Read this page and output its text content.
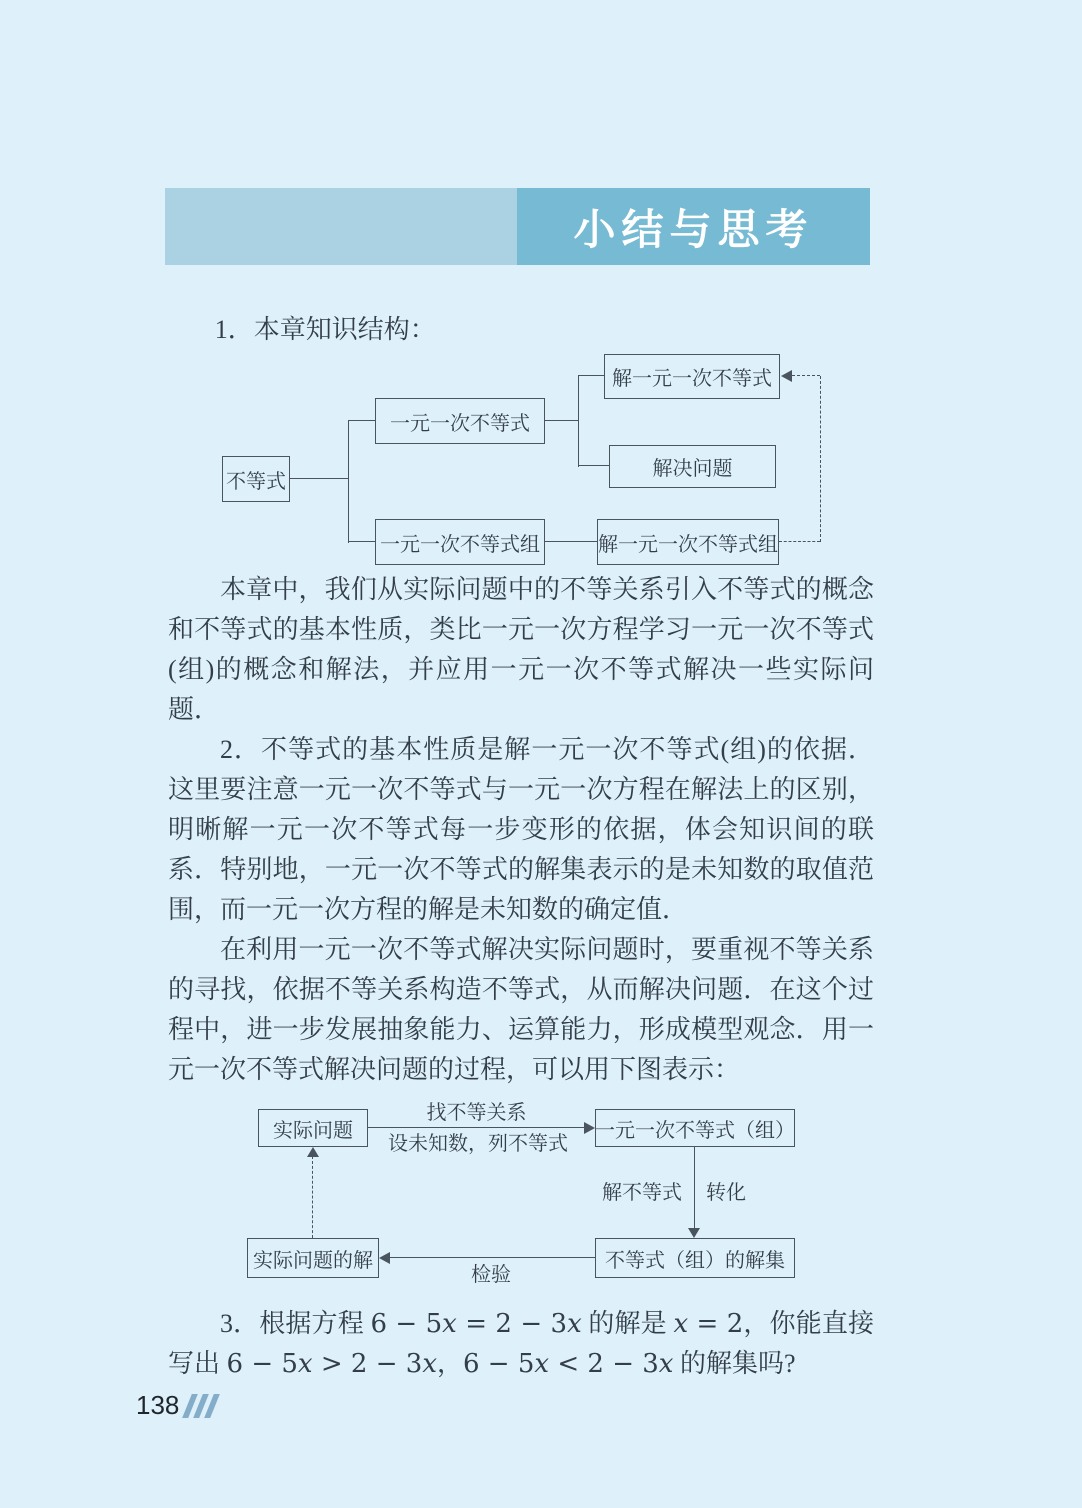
小结与思考
1．本章知识结构：
不等式
一元一次不等式
一元一次不等式组
解一元一次不等式
解决问题
解一元一次不等式组

本章中，我们从实际问题中的不等关系引入不等式的概念和不等式的基本性质，类比一元一次方程学习一元一次不等式(组)的概念和解法，并应用一元一次不等式解决一些实际问题．

2．不等式的基本性质是解一元一次不等式(组)的依据．这里要注意一元一次不等式与一元一次方程在解法上的区别，明晰解一元一次不等式每一步变形的依据，体会知识间的联系．特别地，一元一次不等式的解集表示的是未知数的取值范围，而一元一次方程的解是未知数的确定值．

在利用一元一次不等式解决实际问题时，要重视不等关系的寻找，依据不等关系构造不等式，从而解决问题．在这个过程中，进一步发展抽象能力、运算能力，形成模型观念．用一元一次不等式解决问题的过程，可以用下图表示：

实际问题	一元一次不等式（组）
不等式（组）的解集
实际问题的解
找不等关系
设未知数，列不等式
解不等式 转化
检验

3．根据方程 6 − 5x = 2 − 3x 的解是 x = 2，你能直接写出 6 − 5x > 2 − 3x，6 − 5x < 2 − 3x 的解集吗?

138
